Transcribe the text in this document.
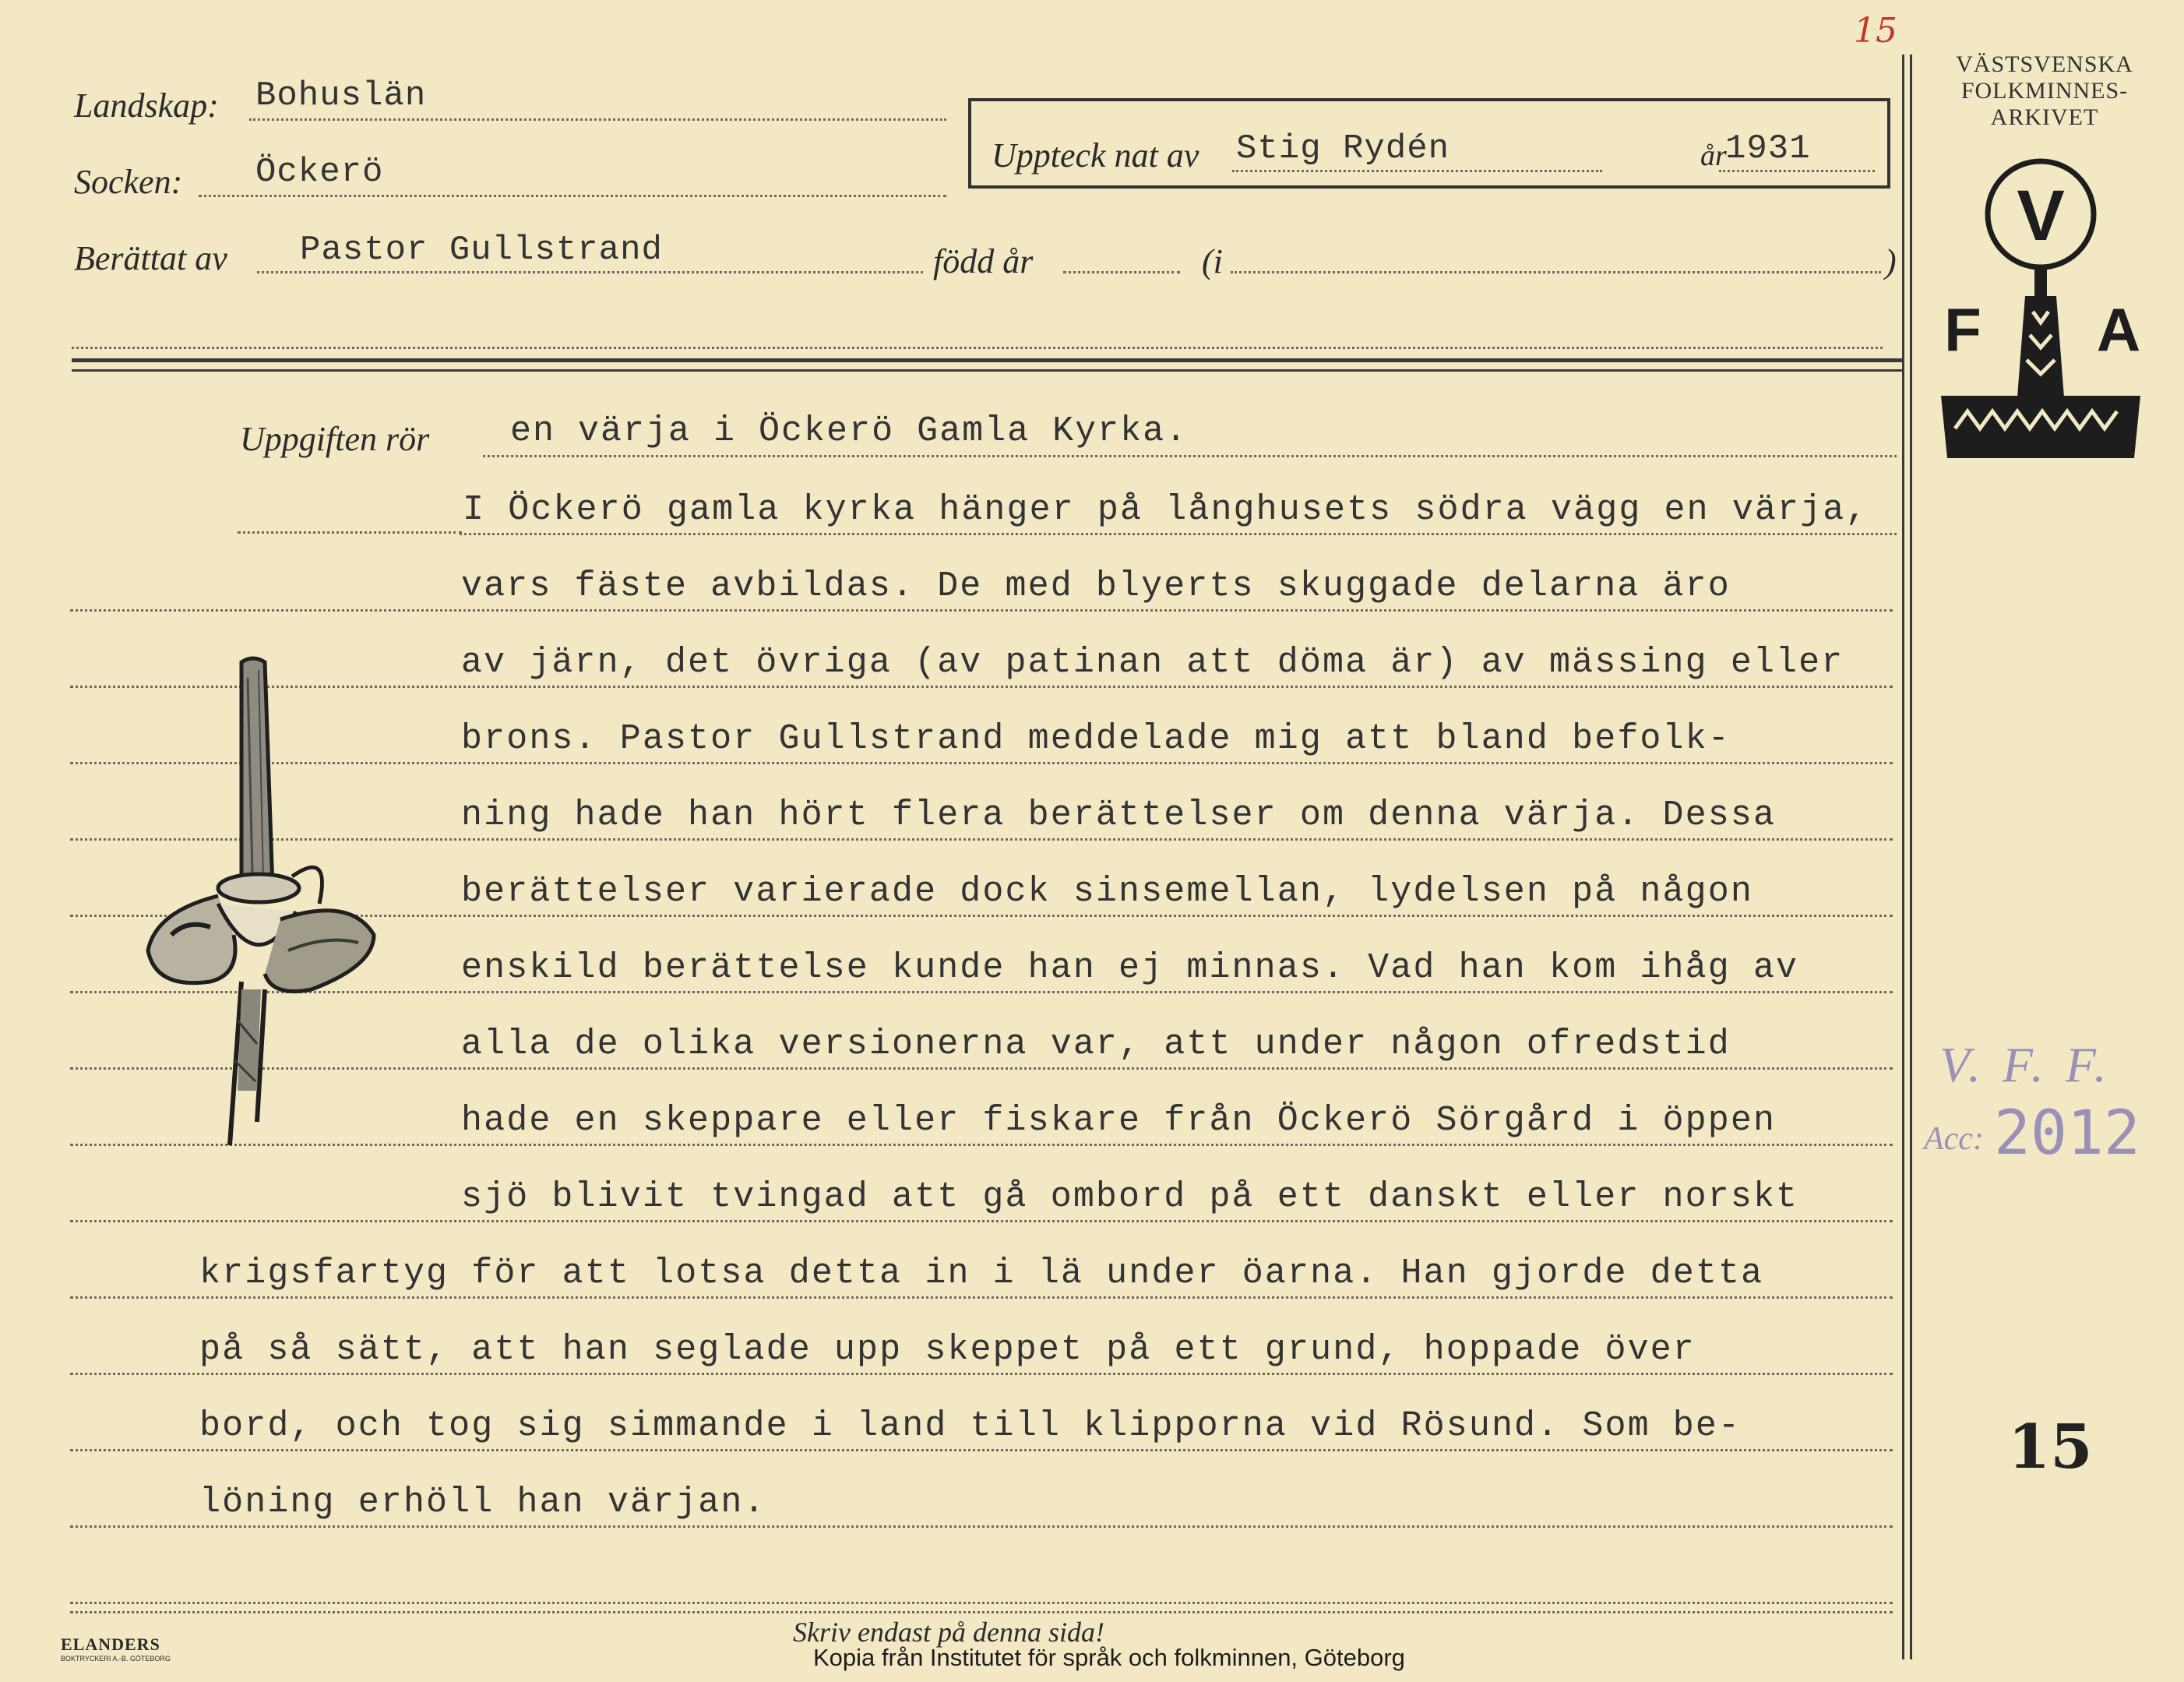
15
Landskap: Bohuslän
Socken: Öckerö	Uppteck nat av Stig Rydén	år
1931
Berättat av Pastor Gullstrand	född år	(i	)
VÄSTSVENSKA
FOLKMINNES-
ARKIVET
V
F A
V. F. F.
Acc: 2012
15
Uppgiften rör en värja i Öckerö Gamla Kyrka.
I Öckerö gamla kyrka hänger på långhusets södra vägg en värja,
vars fäste avbildas. De med blyerts skuggade delarna äro
av järn, det övriga (av patinan att döma är) av mässing eller
brons. Pastor Gullstrand meddelade mig att bland befolk-
ning hade han hört flera berättelser om denna värja. Dessa
berättelser varierade dock sinsemellan, lydelsen på någon
enskild berättelse kunde han ej minnas. Vad han kom ihåg av
alla de olika versionerna var, att under någon ofredstid
hade en skeppare eller fiskare från Öckerö Sörgård i öppen
sjö blivit tvingad att gå ombord på ett danskt eller norskt
krigsfartyg för att lotsa detta in i lä under öarna. Han gjorde detta
på så sätt, att han seglade upp skeppet på ett grund, hoppade över
bord, och tog sig simmande i land till klipporna vid Rösund. Som be-
löning erhöll han värjan.
Skriv endast på denna sida!
Kopia från Institutet för språk och folkminnen, Göteborg
ELANDERS
BOKTRYCKERI A.-B. GÖTEBORG
